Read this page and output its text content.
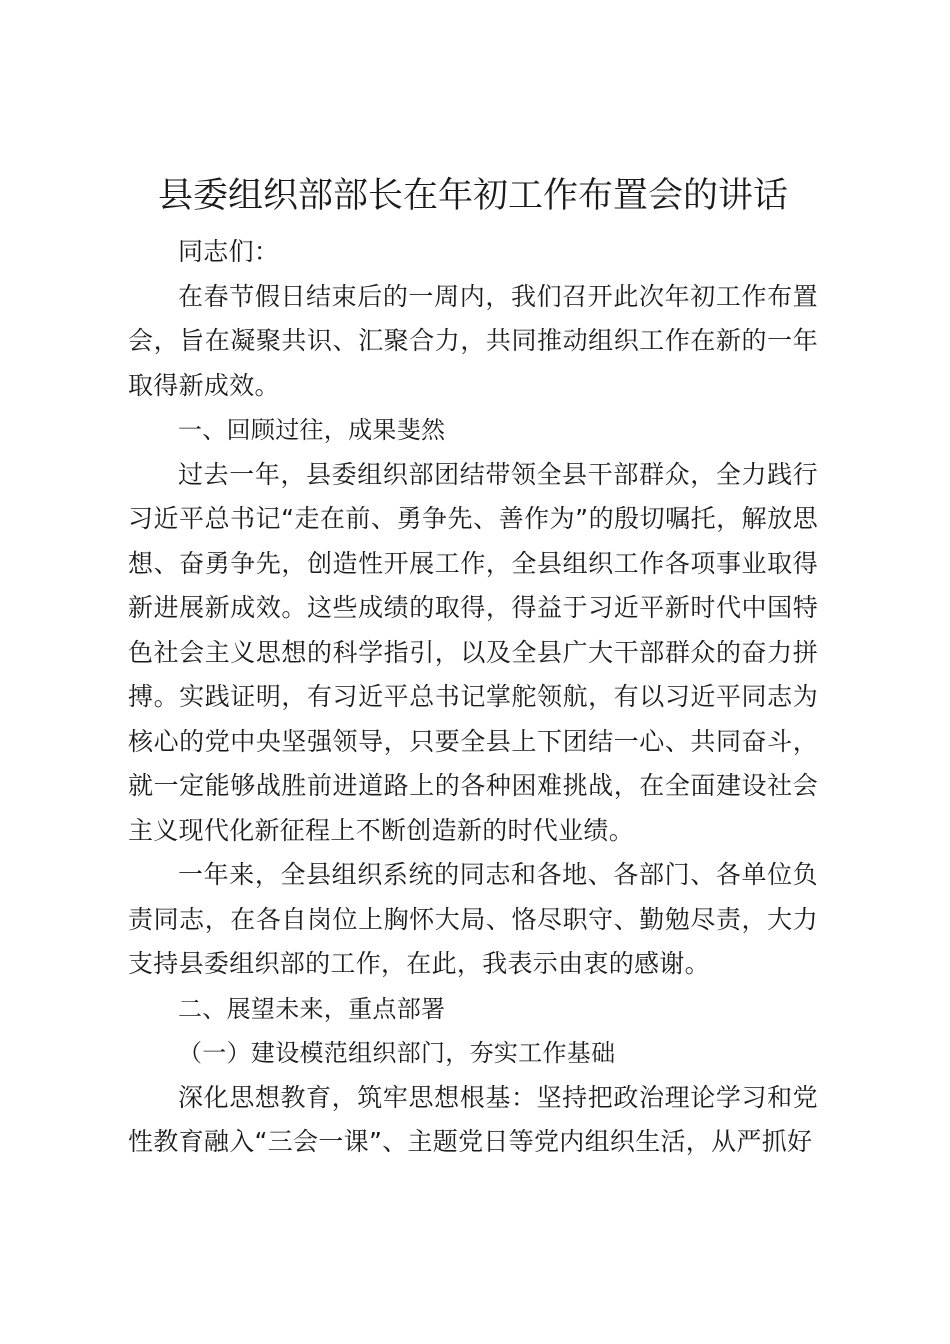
县委组织部部长在年初工作布置会的讲话

同志们：

在春节假日结束后的一周内，我们召开此次年初工作布置会，旨在凝聚共识、汇聚合力，共同推动组织工作在新的一年取得新成效。

一、回顾过往，成果斐然

过去一年，县委组织部团结带领全县干部群众，全力践行习近平总书记“走在前、勇争先、善作为”的殷切嘱托，解放思想、奋勇争先，创造性开展工作，全县组织工作各项事业取得新进展新成效。这些成绩的取得，得益于习近平新时代中国特色社会主义思想的科学指引，以及全县广大干部群众的奋力拼搏。实践证明，有习近平总书记掌舵领航，有以习近平同志为核心的党中央坚强领导，只要全县上下团结一心、共同奋斗，就一定能够战胜前进道路上的各种困难挑战，在全面建设社会主义现代化新征程上不断创造新的时代业绩。

一年来，全县组织系统的同志和各地、各部门、各单位负责同志，在各自岗位上胸怀大局、恪尽职守、勤勉尽责，大力支持县委组织部的工作，在此，我表示由衷的感谢。

二、展望未来，重点部署

（一）建设模范组织部门，夯实工作基础

深化思想教育，筑牢思想根基：坚持把政治理论学习和党性教育融入“三会一课”、主题党日等党内组织生活，从严抓好
